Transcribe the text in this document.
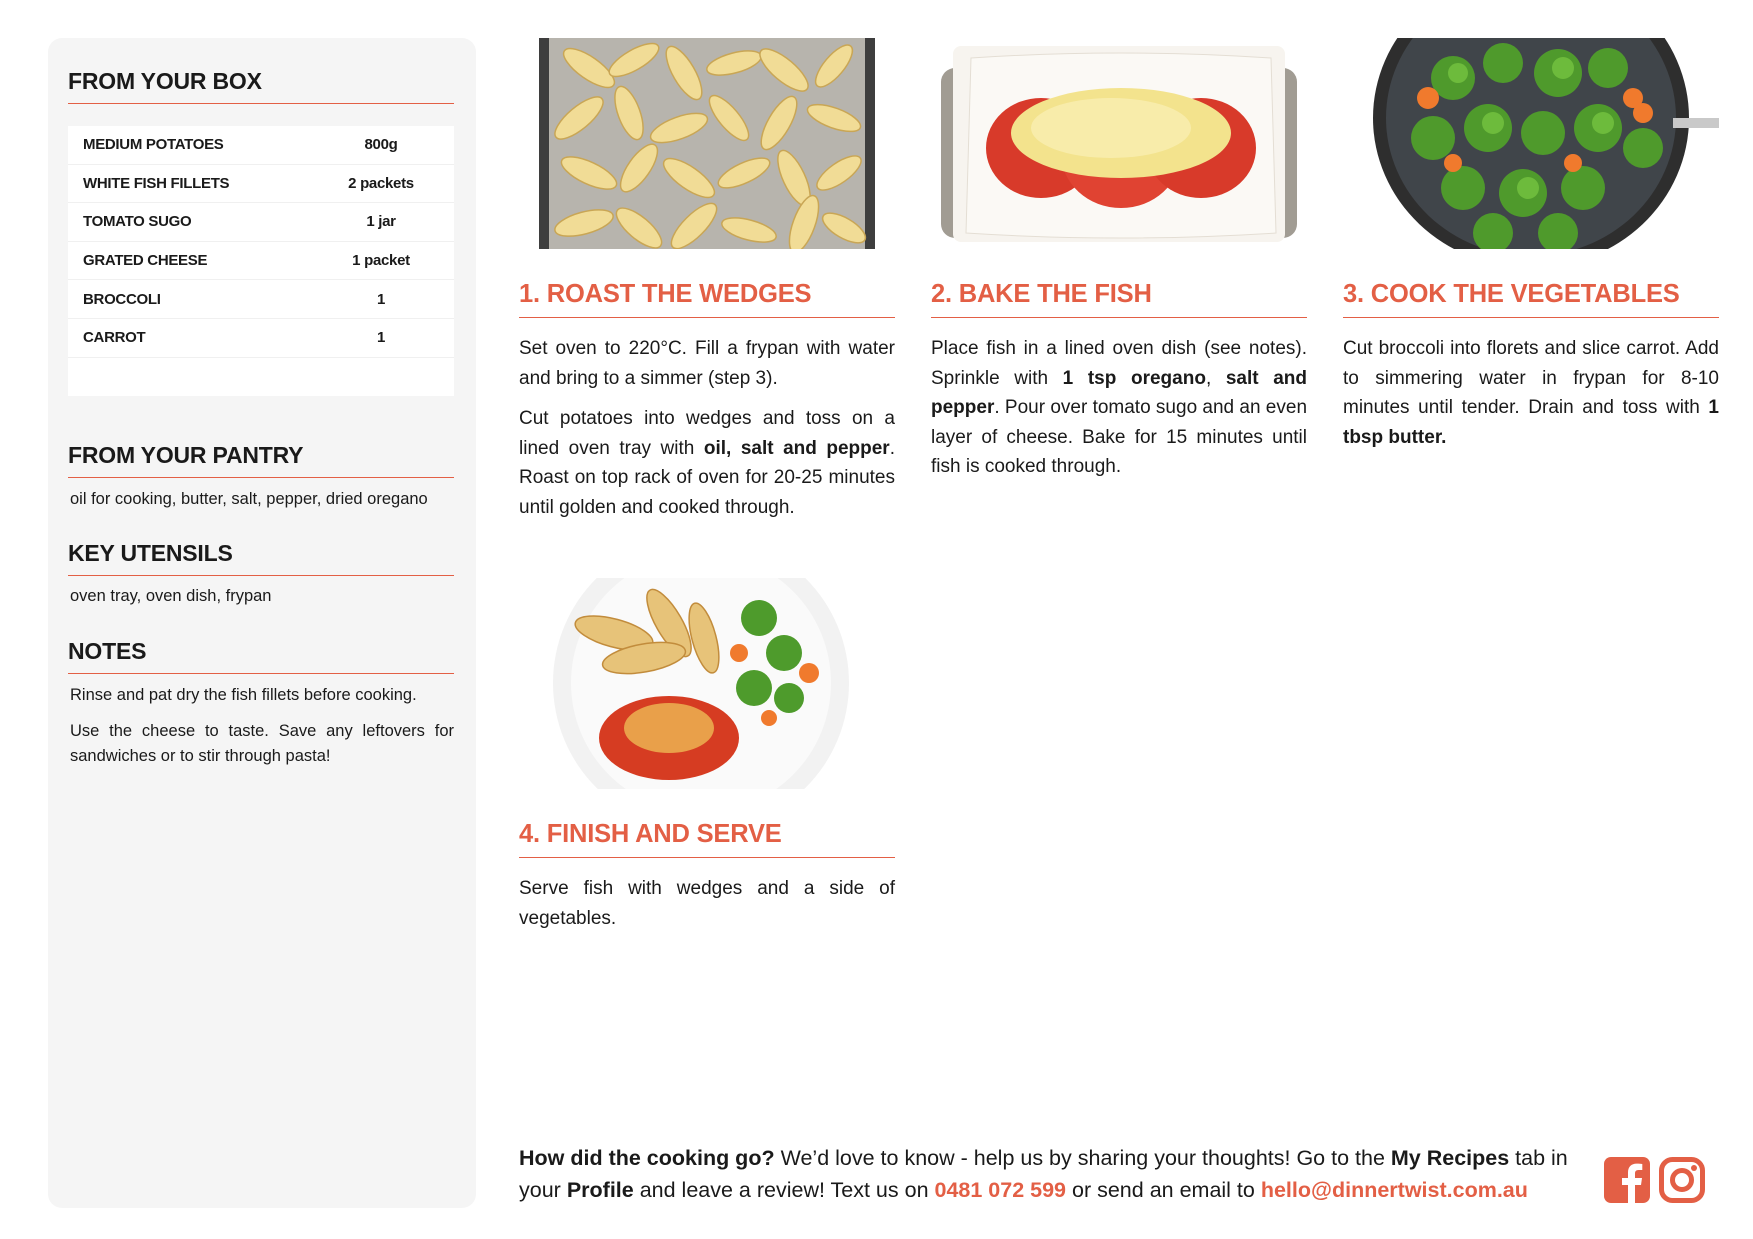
FROM YOUR BOX
MEDIUM POTATOES	800g
WHITE FISH FILLETS	2 packets
TOMATO SUGO	1 jar
GRATED CHEESE	1 packet
BROCCOLI	1
CARROT	1
FROM YOUR PANTRY
oil for cooking, butter, salt, pepper, dried oregano
KEY UTENSILS
oven tray, oven dish, frypan
NOTES
Rinse and pat dry the fish fillets before cooking.
Use the cheese to taste. Save any leftovers for sandwiches or to stir through pasta!
1. ROAST THE WEDGES

Set oven to 220°C. Fill a frypan with water and bring to a simmer (step 3).

Cut potatoes into wedges and toss on a lined oven tray with oil, salt and pepper. Roast on top rack of oven for 20-25 minutes until golden and cooked through.

2. BAKE THE FISH

Place fish in a lined oven dish (see notes). Sprinkle with 1 tsp oregano, salt and pepper. Pour over tomato sugo and an even layer of cheese. Bake for 15 minutes until fish is cooked through.

3. COOK THE VEGETABLES

Cut broccoli into florets and slice carrot. Add to simmering water in frypan for 8-10 minutes until tender. Drain and toss with 1 tbsp butter.

4. FINISH AND SERVE

Serve fish with wedges and a side of vegetables.

How did the cooking go? We’d love to know - help us by sharing your thoughts! Go to the My Recipes tab in your Profile and leave a review! Text us on 0481 072 599 or send an email to hello@dinnertwist.com.au
